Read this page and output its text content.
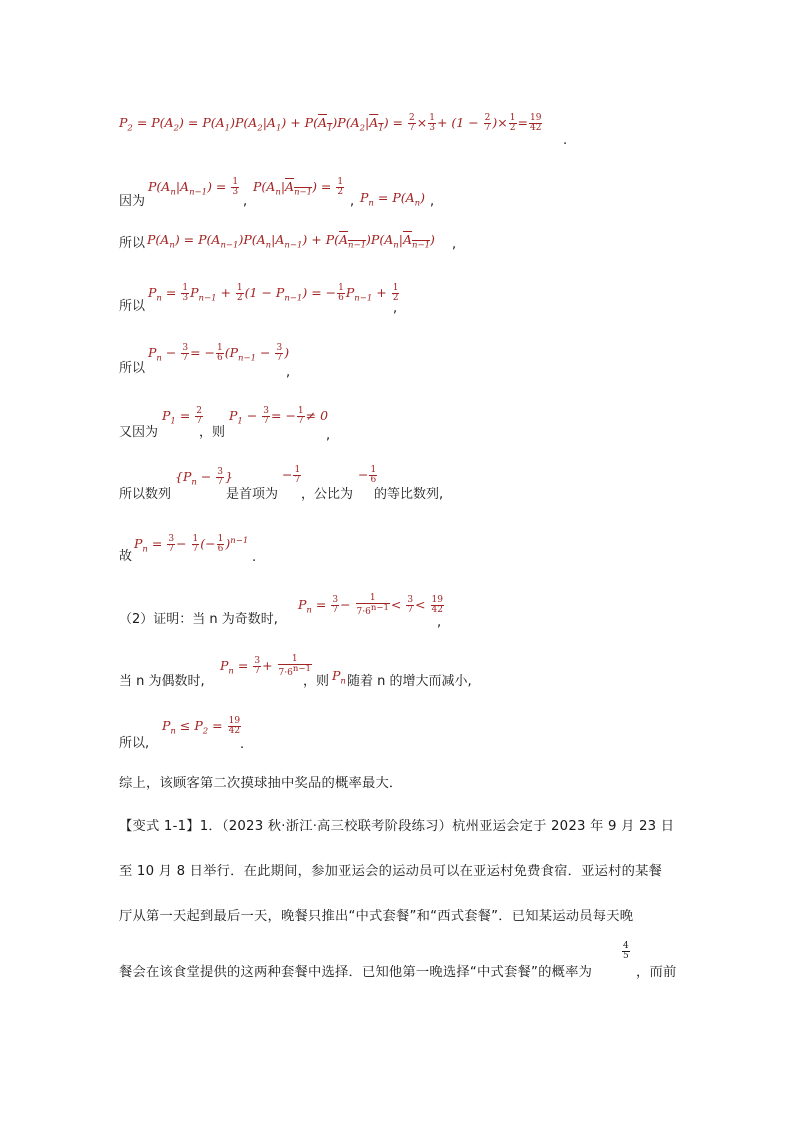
$P_2 = P(A_2) = P(A_1)P(A_2|A_1) + P(A_1)P(A_2|A_1) = \frac{2}{7} \times \frac{1}{3} + (1 - \frac{2}{7}$ )× $\frac{1}{2} = \frac{19}{42}$
.
因为
$P(A_n|A_{n-1}) = \frac{1}{3}$
,
$P(A_n|A_{n-1}) = \frac{1}{2}$
, $P_n = P(A_n)$ ,
所以 $P(A_n) = P(A_{n-1})P(A_n|A_{n-1}) + P(A_{n-1})P(A_n|A_{n-1})$ ,
所以
$P_n = \frac{1}{3} P_{n-1} + \frac{1}{2} (1 - P_{n-1})$ = − $\frac{1}{6} P_{n-1} + \frac{1}{2}$
,
所以
$P_n - \frac{3}{7}$ = − $\frac{1}{6} (P_{n-1} - \frac{3}{7}$ )
,
又因为
$P_1 = \frac{2}{7}$
，则
$P_1 - \frac{3}{7}$ = − $\frac{1}{7} \ne 0$
,
所以数列
{$P_n - \frac{3}{7}$ }
是首项为
− $\frac{1}{7}$
，公比为
− $\frac{1}{6}$
的等比数列,
故
$P_n = \frac{3}{7} - \frac{1}{7}$ (− $\frac{1}{6} )^{n-1}$
.
（2）证明：当 n 为奇数时,
$P_n = \frac{3}{7} - \frac{1}{7\cdot 6^{n-1}} < \frac{3}{7} < \frac{19}{42}$
,
当 n 为偶数时,
$P_n = \frac{3}{7} + \frac{1}{7\cdot 6^{n-1}}$
，则 $P_n$ 随着 n 的增大而减小,
所以,
$P_n \le P_2 = \frac{19}{42}$
.
综上，该顾客第二次摸球抽中奖品的概率最大．
【变式 1-1】1．（2023 秋·浙江·高三校联考阶段练习）杭州亚运会定于 2023 年 9 月 23 日
至 10 月 8 日举行．在此期间，参加亚运会的运动员可以在亚运村免费食宿．亚运村的某餐
厅从第一天起到最后一天，晚餐只推出“中式套餐”和“西式套餐”．已知某运动员每天晚
餐会在该食堂提供的这两种套餐中选择．已知他第一晚选择“中式套餐”的概率为
$\frac{4}{5}$
，而前
